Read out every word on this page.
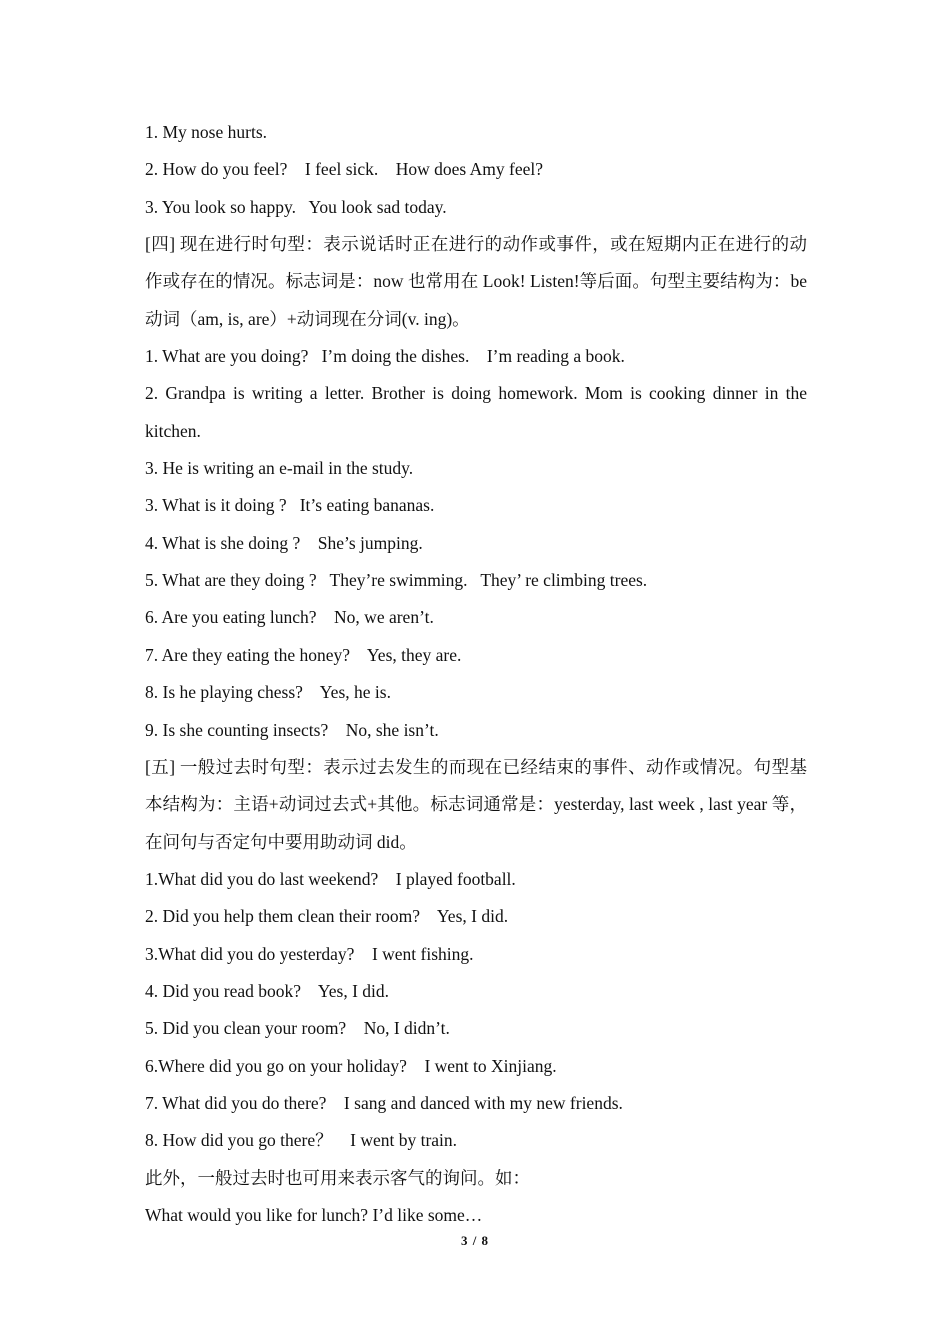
1. My nose hurts.

2. How do you feel?    I feel sick.    How does Amy feel?

3. You look so happy.   You look sad today.

[四] 现在进行时句型：表示说话时正在进行的动作或事件，或在短期内正在进行的动作或存在的情况。标志词是：now 也常用在 Look! Listen!等后面。句型主要结构为：be 动词（am, is, are）+动词现在分词(v. ing)。

1. What are you doing?   I’m doing the dishes.    I’m reading a book.

2. Grandpa is writing a letter. Brother is doing homework. Mom is cooking dinner in the kitchen.

3. He is writing an e-mail in the study.

3. What is it doing ?   It’s eating bananas.

4. What is she doing ?    She’s jumping.

5. What are they doing ?   They’re swimming.   They’ re climbing trees.

6. Are you eating lunch?    No, we aren’t.

7. Are they eating the honey?    Yes, they are.

8. Is he playing chess?    Yes, he is.

9. Is she counting insects?    No, she isn’t.

[五] 一般过去时句型：表示过去发生的而现在已经结束的事件、动作或情况。句型基本结构为：主语+动词过去式+其他。标志词通常是：yesterday, last week , last year 等，在问句与否定句中要用助动词 did。

1.What did you do last weekend?    I played football.

2. Did you help them clean their room?    Yes, I did.

3.What did you do yesterday?    I went fishing.

4. Did you read book?    Yes, I did.

5. Did you clean your room?    No, I didn’t.

6.Where did you go on your holiday?    I went to Xinjiang.

7. What did you do there?    I sang and danced with my new friends.

8. How did you go there？    I went by train.

此外，一般过去时也可用来表示客气的询问。如：

What would you like for lunch? I’d like some…

3 / 8
